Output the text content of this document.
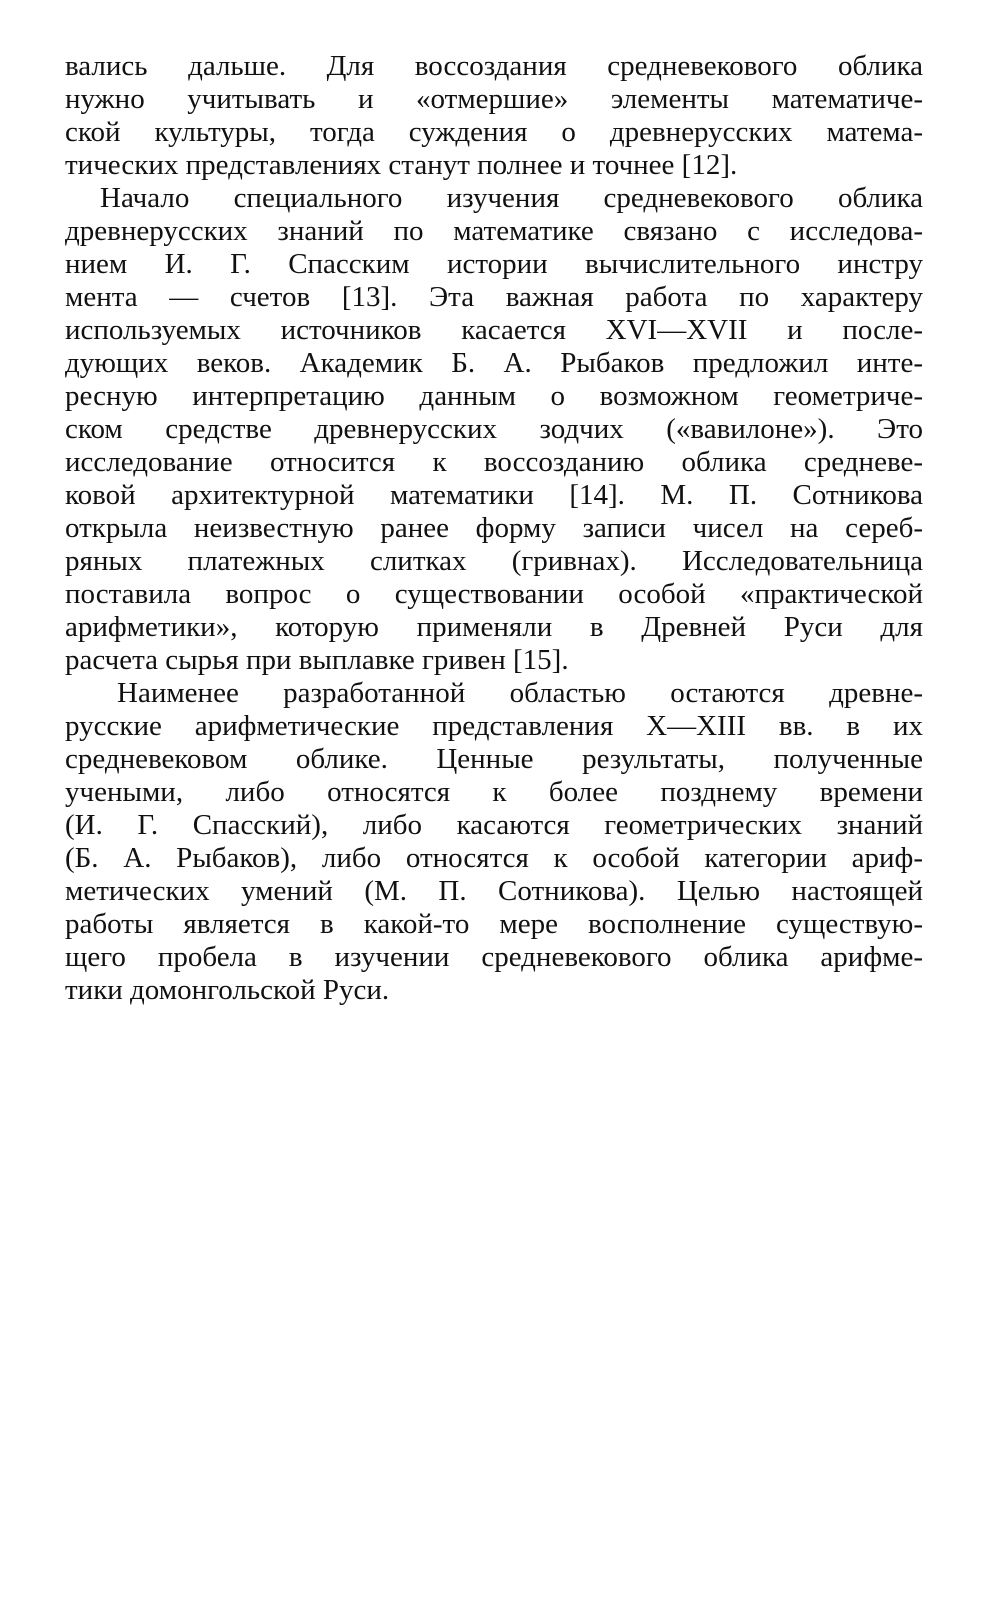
вались дальше. Для воссоздания средневекового облика
нужно учитывать и «отмершие» элементы математиче-
ской культуры, тогда суждения о древнерусских матема-
тических представлениях станут полнее и точнее [12].
Начало специального изучения средневекового облика
древнерусских знаний по математике связано с исследова-
нием И. Г. Спасским истории вычислительного инстру
мента — счетов [13]. Эта важная работа по характеру
используемых источников касается XVI—XVII и после-
дующих веков. Академик Б. А. Рыбаков предложил инте-
ресную интерпретацию данным о возможном геометриче-
ском средстве древнерусских зодчих («вавилоне»). Это
исследование относится к воссозданию облика средневе-
ковой архитектурной математики [14]. М. П. Сотникова
открыла неизвестную ранее форму записи чисел на сереб-
ряных платежных слитках (гривнах). Исследовательница
поставила вопрос о существовании особой «практической
арифметики», которую применяли в Древней Руси для
расчета сырья при выплавке гривен [15].
Наименее разработанной областью остаются древне-
русские арифметические представления X—XIII вв. в их
средневековом облике. Ценные результаты, полученные
учеными, либо относятся к более позднему времени
(И. Г. Спасский), либо касаются геометрических знаний
(Б. А. Рыбаков), либо относятся к особой категории ариф-
метических умений (М. П. Сотникова). Целью настоящей
работы является в какой-то мере восполнение существую-
щего пробела в изучении средневекового облика арифме-
тики домонгольской Руси.
